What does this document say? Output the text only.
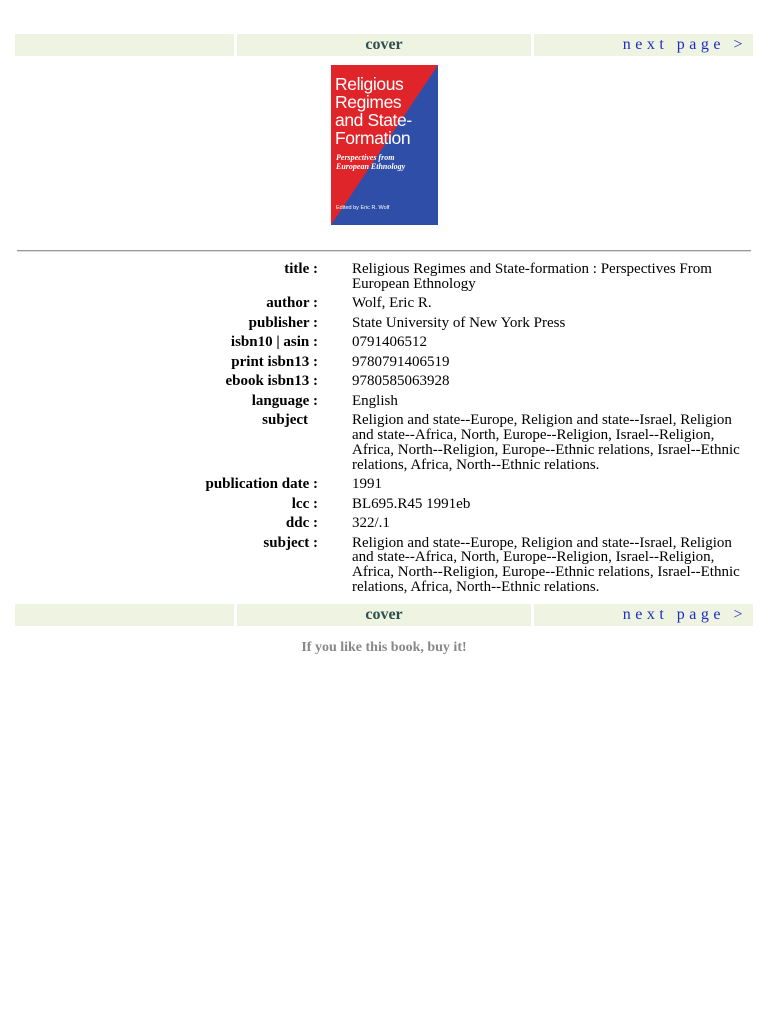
cover	next page >
Religious
Regimes
and State-
Formation
Perspectives from
European Ethnology
Edited by Eric R. Wolf
title : Religious Regimes and State-formation : Perspectives From European Ethnology
author : Wolf, Eric R.
publisher : State University of New York Press
isbn10 | asin : 0791406512
print isbn13 : 9780791406519
ebook isbn13 : 9780585063928
language : English
subject	Religion and state--Europe, Religion and state--Israel, Religion and state--Africa, North, Europe--Religion, Israel--Religion, Africa, North--Religion, Europe--Ethnic relations, Israel--Ethnic relations, Africa, North--Ethnic relations.
publication date : 1991
lcc : BL695.R45 1991eb
ddc : 322/.1
subject : Religion and state--Europe, Religion and state--Israel, Religion and state--Africa, North, Europe--Religion, Israel--Religion, Africa, North--Religion, Europe--Ethnic relations, Israel--Ethnic relations, Africa, North--Ethnic relations.
cover	next page >
If you like this book, buy it!
